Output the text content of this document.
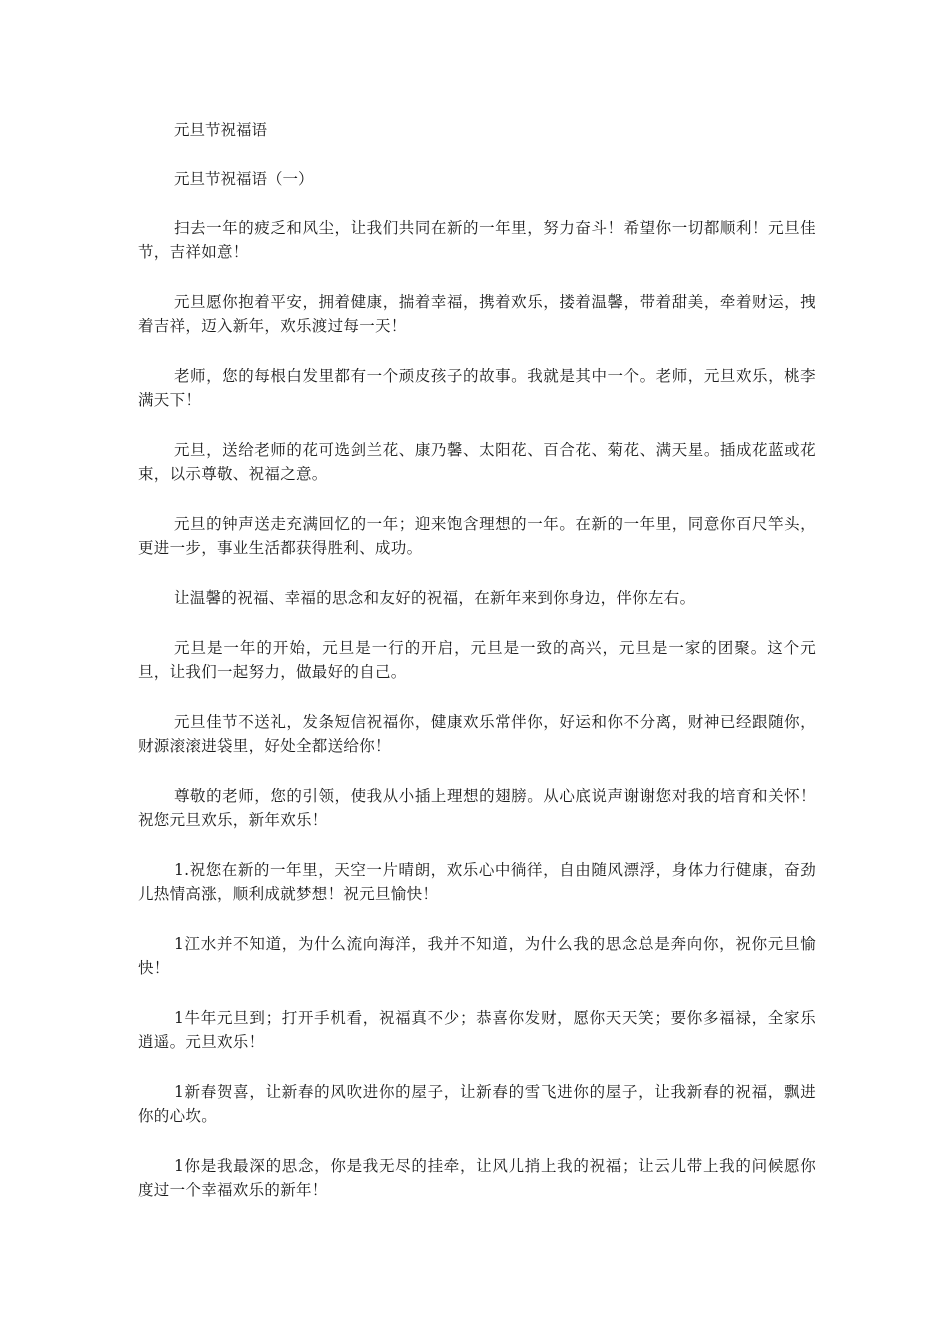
元旦节祝福语

元旦节祝福语（一）

扫去一年的疲乏和风尘，让我们共同在新的一年里，努力奋斗！希望你一切都顺利！元旦佳节，吉祥如意！

元旦愿你抱着平安，拥着健康，揣着幸福，携着欢乐，搂着温馨，带着甜美，牵着财运，拽着吉祥，迈入新年，欢乐渡过每一天！

老师，您的每根白发里都有一个顽皮孩子的故事。我就是其中一个。老师，元旦欢乐，桃李满天下！

元旦，送给老师的花可选剑兰花、康乃馨、太阳花、百合花、菊花、满天星。插成花蓝或花束，以示尊敬、祝福之意。

元旦的钟声送走充满回忆的一年；迎来饱含理想的一年。在新的一年里，同意你百尺竿头，更进一步，事业生活都获得胜利、成功。

让温馨的祝福、幸福的思念和友好的祝福，在新年来到你身边，伴你左右。

元旦是一年的开始，元旦是一行的开启，元旦是一致的高兴，元旦是一家的团聚。这个元旦，让我们一起努力，做最好的自己。

元旦佳节不送礼，发条短信祝福你，健康欢乐常伴你，好运和你不分离，财神已经跟随你，财源滚滚进袋里，好处全都送给你！

尊敬的老师，您的引领，使我从小插上理想的翅膀。从心底说声谢谢您对我的培育和关怀！祝您元旦欢乐，新年欢乐！

1.祝您在新的一年里，天空一片晴朗，欢乐心中徜徉，自由随风漂浮，身体力行健康，奋劲儿热情高涨，顺利成就梦想！祝元旦愉快！

1江水并不知道，为什么流向海洋，我并不知道，为什么我的思念总是奔向你，祝你元旦愉快！

1牛年元旦到；打开手机看，祝福真不少；恭喜你发财，愿你天天笑；要你多福禄，全家乐逍遥。元旦欢乐！

1新春贺喜，让新春的风吹进你的屋子，让新春的雪飞进你的屋子，让我新春的祝福，飘进你的心坎。

1你是我最深的思念，你是我无尽的挂牵，让风儿捎上我的祝福；让云儿带上我的问候愿你度过一个幸福欢乐的新年！
